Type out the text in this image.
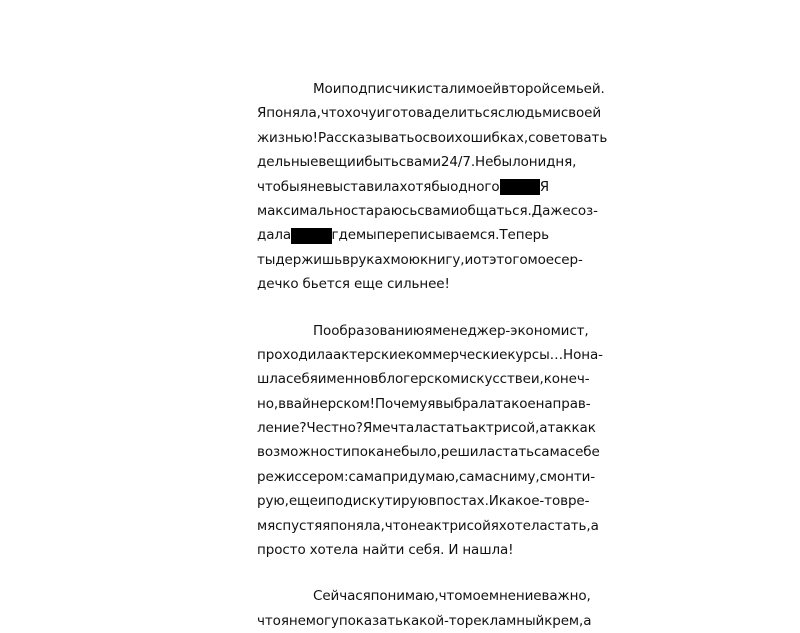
Мои подписчики стали моей второй семьей.
Я поняла, что хочу и готова делиться с людьми своей
жизнью! Рассказывать о своих ошибках, советовать
дельные вещи и быть с вами 24/7. Не было ни дня,
чтобы я не выставила хотя бы одного	Я
максимально стараюсь с вами общаться. Даже соз-
дала	где мы переписываемся. Теперь
ты держишь в руках мою книгу, и от этого мое сер-
дечко бьется еще сильнее!
По образованию я менеджер-экономист,
проходила актерские коммерческие курсы… Но на-
шла себя именно в блогерском искусстве и, конеч-
но, в вайнерском! Почему я выбрала такое направ-
ление? Честно? Я мечтала стать актрисой, а так как
возможности пока не было, решила стать сама себе
режиссером: сама придумаю, сама сниму, смонти-
рую, еще и подискутирую в постах. И какое-то вре-
мя спустя я поняла, что не актрисой я хотела стать, а
просто хотела найти себя. И нашла!
Сейчас я понимаю, что мое мнение важно,
что я не могу показать какой-то рекламный крем, а
